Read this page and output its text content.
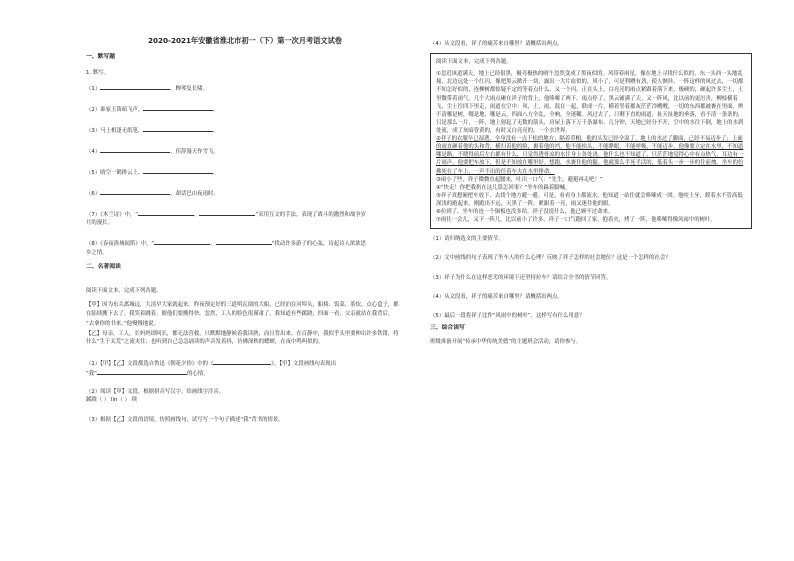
2020-2021年安徽省淮北市初一（下）第一次月考语文试卷

一、默写题

1. 默写。

（1）	，蝉琴复长啸。

（2）谁家玉笛暗飞声，	。

（3）马上相逢无纸笔，	。

（4）	，佳辞漫天作雪飞。

（5）晴空一鹤排云上，	。

（6）	，却话巴山夜雨时。

（7）《木兰诗》中，“	，	”采用互文的手法，表现了战斗的激烈和战争岁
月的漫长。

（8）《春夜洛城闻笛》中，“	，	”找动许多游子的心弦，诗起诗人浓浓思
乡之情。

二、名著阅读

阅读下面文本，完成下列各题。

【甲】因为东关离城远，大清早大家就起来。昨夜预定好的三道明瓦窗的大船，已经泊在河埠头，船椅、饭菜、茶炊、点心盒子，都在陆续搬下去了。我笑着跳着，催他们要搬得快。忽然，工人的脸色很谨肃了，我知道有些蹊跷，四面一看，父亲就站在我背后。

“去拿你的书来。”他慢慢地说。

【乙】母亲，工人，长妈妈即阿长，都无法营救，只默默地静候着我读熟，而且背出来。在百静中，我似乎头里要伸出许多铁钳，将什么“生于太荒”之流夹住；也听到自己急急诵读的声音发着抖，彷佛深秋的蟋蟀，在夜中鸣叫似的。

（1）【甲】【乙】文段都选自鲁迅《朝花夕拾》中的《	》，【甲】文段画线句表现出
“我”	的心情。

（2）阅读【甲】文段，根据拼音写汉字，给画线字注音。

蹊跷（ ） lìn（ ） 续

（3）根据【乙】文段的语境，仿照画线句，试写写一个句子描述“我”背书的情景。

（4）从文段看，祥子的痛苦来自哪里？请概括出两点。

阅读下面文本，完成下列各题。

①忽近该道满天，地上已经很黑，极亮极热的晴午忽然变成了黑夜似的。风带着雨星，像在地上寻找什么似的，东一头西一头地乱撞，北边远处一个红闪，像把黑云掀开一块，露出一大片血似的。风小了，可是利飕有劲，使人颤抖。一阵这样的风过去，一切都不知怎好似的，连柳树都惊疑不定的等着点什么。又一个闪，正在头上，白亮亮的雨点紧跟着落下来，极硬的，砸起许多尘土，土里微带着雨气。几个大雨点砸在祥子的背上，他哆嗦了两下。雨点停了，黑云铺满了天。又一阵风，比以前的更厉害，柳枝横着飞，尘土往四下里走，雨道在空中：风，土，雨，混在一起，联成一片，横着竖着都灰茫茫冷飕飕，一切的东西都被裹在里面，辨不清哪是树，哪是地，哪是云，四面八方全乱，全响，全迷糊。风过去了，只剩下直的雨道，扯天扯地的垂落，看不清一条条的，只是那么一片，一阵，地上射起了无数的箭头，房屋上落下万千条瀑布。几分钟，天地已经分不开，空中的水往下倒，地上的水到处流，成了灰暗昏黄的，有时又白亮亮的，一个水世界。

②祥子的衣服早已湿透，全身没有一点干松的地方；隔着草帽，他的头发已经全湿了。地上的水过了脚面，已经不易迈步了；上面的雨直砸着他的头和背，横扫着他的脸，裹着他的裆。他不能抬头，不能睁眼，不能呼吸，不能迈步。他像要立定在水里，不知道哪是路，不晓得前后左右都有什么，只觉得透骨凉的水往身上各处浇。他什么也不知道了，只茫茫地觉得心中有点热气，耳边有一片雨声。他要把车放下，但是不知放在哪里好。想跑，水裹住他的腿。他就那么半死半活的，低着头一步一步的往前拽。坐车的仿佛死在了车上，一声不出的任着车夫在水里挣命。

③雨小了些，祥子微微直起腰来，吐出一口气：“先生，避避再走吧！”

④“快走！你把我扔在这儿算怎回事？”坐车的跺着脚喊。

⑤祥子真想硬把车放下，去找个地方避一避。可是，看看身上都流水，他知道一站住就会哆嗦成一团。他咬上牙，蹚着水不管高低深浅的跑起来。刚跑出不远，天黑了一阵，紧跟着一亮，雨又迷住他的眼。

⑥拉到了，坐车的连一个铜板也没多给。祥子没说什么，他已顾不过命来。

⑦雨住一会儿，又下一阵儿，比以前小了许多，祥子一口气跑回了家。抱着火，烤了一阵，他哆嗦得像风雨中的树叶。

（1）请归纳选文的主要情节。

（2）文中画线的句子表现了坐车人的什么心理？反映了祥子怎样的社会地位？这是一个怎样的社会？

（3）祥子为什么在这样恶劣的环境下还坚持拉车？请结合全书的情节回答。

（4）从文段看，祥子的痛苦来自哪里？请概括出两点。

（5）最后一段将祥子比作“风雨中的树叶”，这样写有什么用意？

三、综合读写

班级准备开展“传承中华传统美德”的主题班会活动，请你参与。
